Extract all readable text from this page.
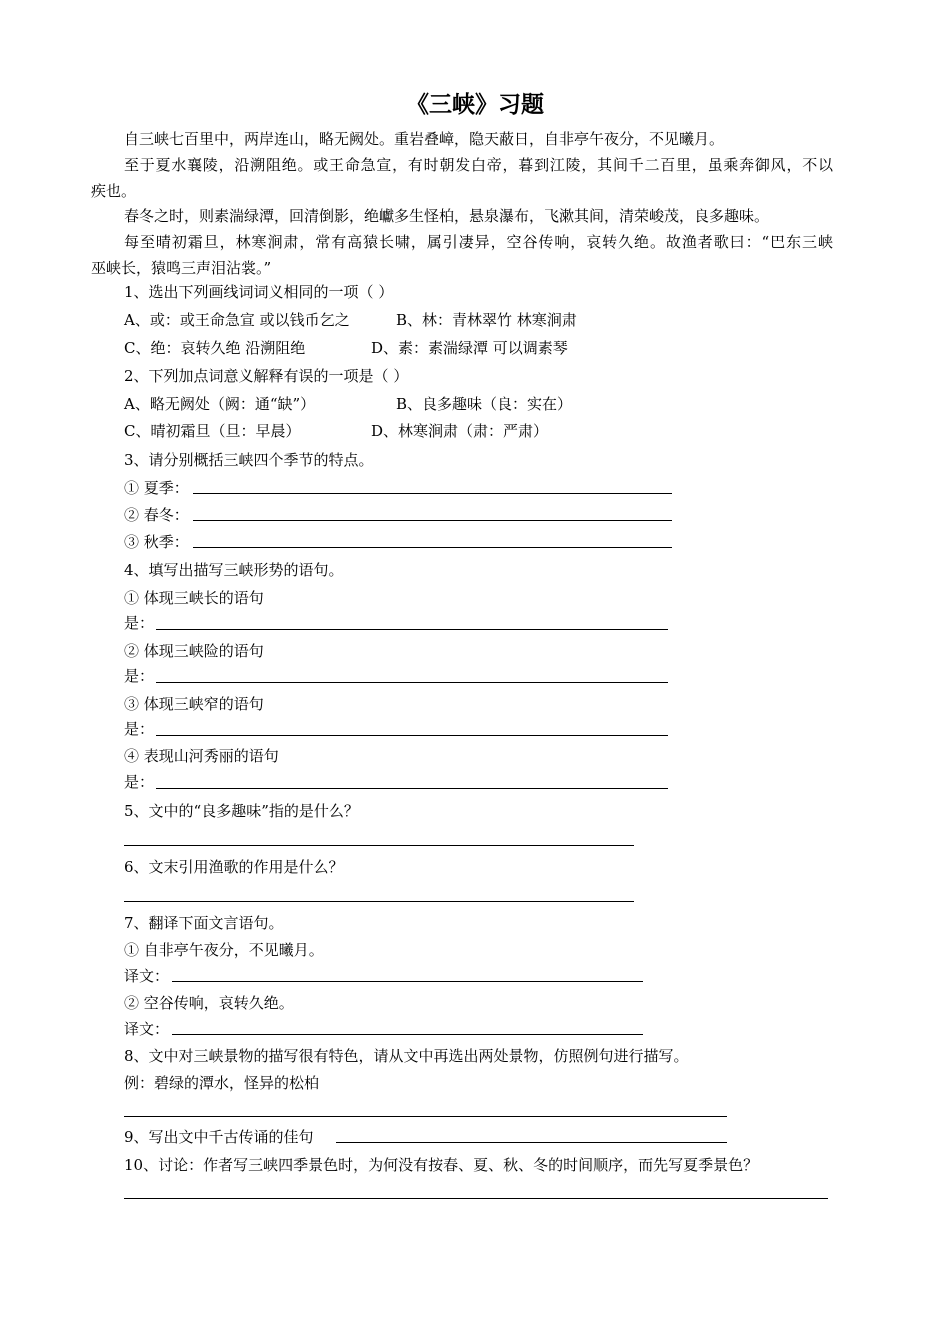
《三峡》习题
自三峡七百里中，两岸连山，略无阙处。重岩叠嶂，隐天蔽日，自非亭午夜分，不见曦月。
至于夏水襄陵，沿溯阻绝。或王命急宣，有时朝发白帝，暮到江陵，其间千二百里，虽乘奔御风，不以
疾也。
春冬之时，则素湍绿潭，回清倒影，绝巘多生怪柏，悬泉瀑布，飞漱其间，清荣峻茂，良多趣味。
每至晴初霜旦，林寒涧肃，常有高猿长啸，属引凄异，空谷传响，哀转久绝。故渔者歌曰：“巴东三峡
巫峡长，猿鸣三声泪沾裳。”
1、选出下列画线词词义相同的一项（ ）
A、或：或王命急宣 或以钱币乞之	B、林：青林翠竹 林寒涧肃
C、绝：哀转久绝 沿溯阻绝	D、素：素湍绿潭 可以调素琴
2、下列加点词意义解释有误的一项是（ ）
A、略无阙处（阙：通“缺”）	B、良多趣味（良：实在）
C、晴初霜旦（旦：早晨）	D、林寒涧肃（肃：严肃）
3、请分别概括三峡四个季节的特点。
① 夏季：
② 春冬：
③ 秋季：
4、填写出描写三峡形势的语句。
① 体现三峡长的语句
是：
② 体现三峡险的语句
是：
③ 体现三峡窄的语句
是：
④ 表现山河秀丽的语句
是：
5、文中的“良多趣味”指的是什么？
6、文末引用渔歌的作用是什么？
7、翻译下面文言语句。
① 自非亭午夜分，不见曦月。
译文：
② 空谷传响，哀转久绝。
译文：
8、文中对三峡景物的描写很有特色，请从文中再选出两处景物，仿照例句进行描写。
例：碧绿的潭水，怪异的松柏
9、写出文中千古传诵的佳句
10、讨论：作者写三峡四季景色时，为何没有按春、夏、秋、冬的时间顺序，而先写夏季景色？
